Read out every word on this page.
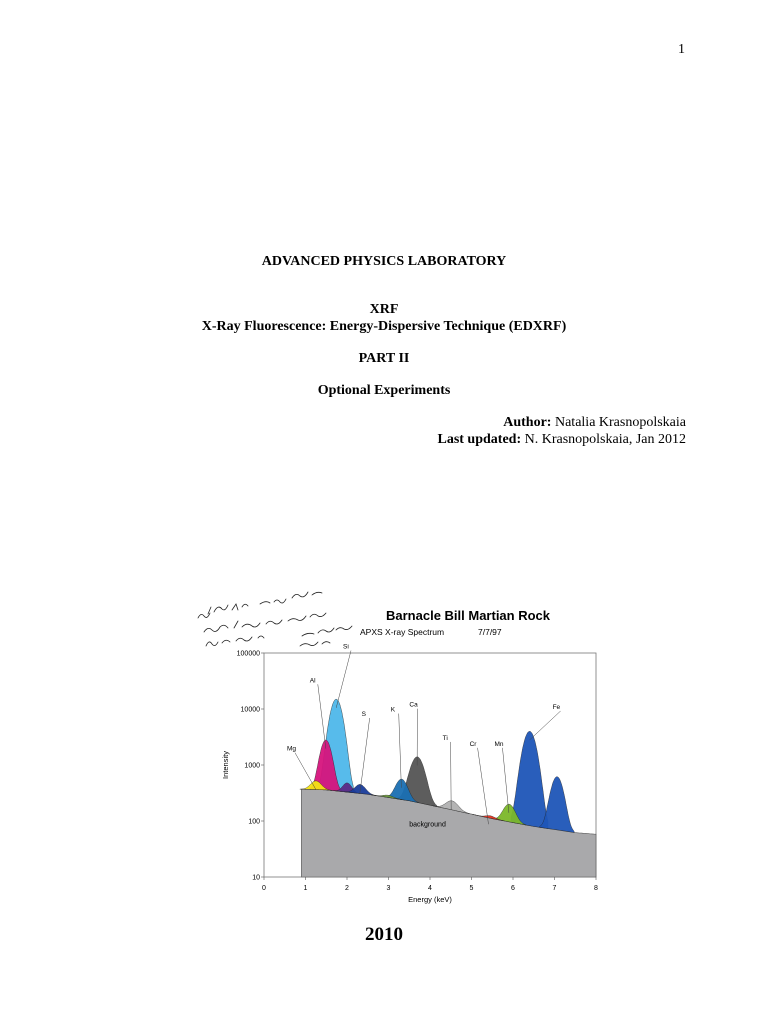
1
ADVANCED PHYSICS LABORATORY
XRF
X-Ray Fluorescence: Energy-Dispersive Technique (EDXRF)
PART II
Optional Experiments
Author: Natalia Krasnopolskaia
Last updated: N. Krasnopolskaia, Jan 2012
Barnacle Bill Martian Rock
APXS X-ray Spectrum	7/7/97
background
Mg
Al
Si
S
K
Ca
Ti
Cr	Mn
Fe
100000
10000
1000
100
10
0	1	2	3	4	5	6	7	8
Energy (keV)
Intensity
2010
